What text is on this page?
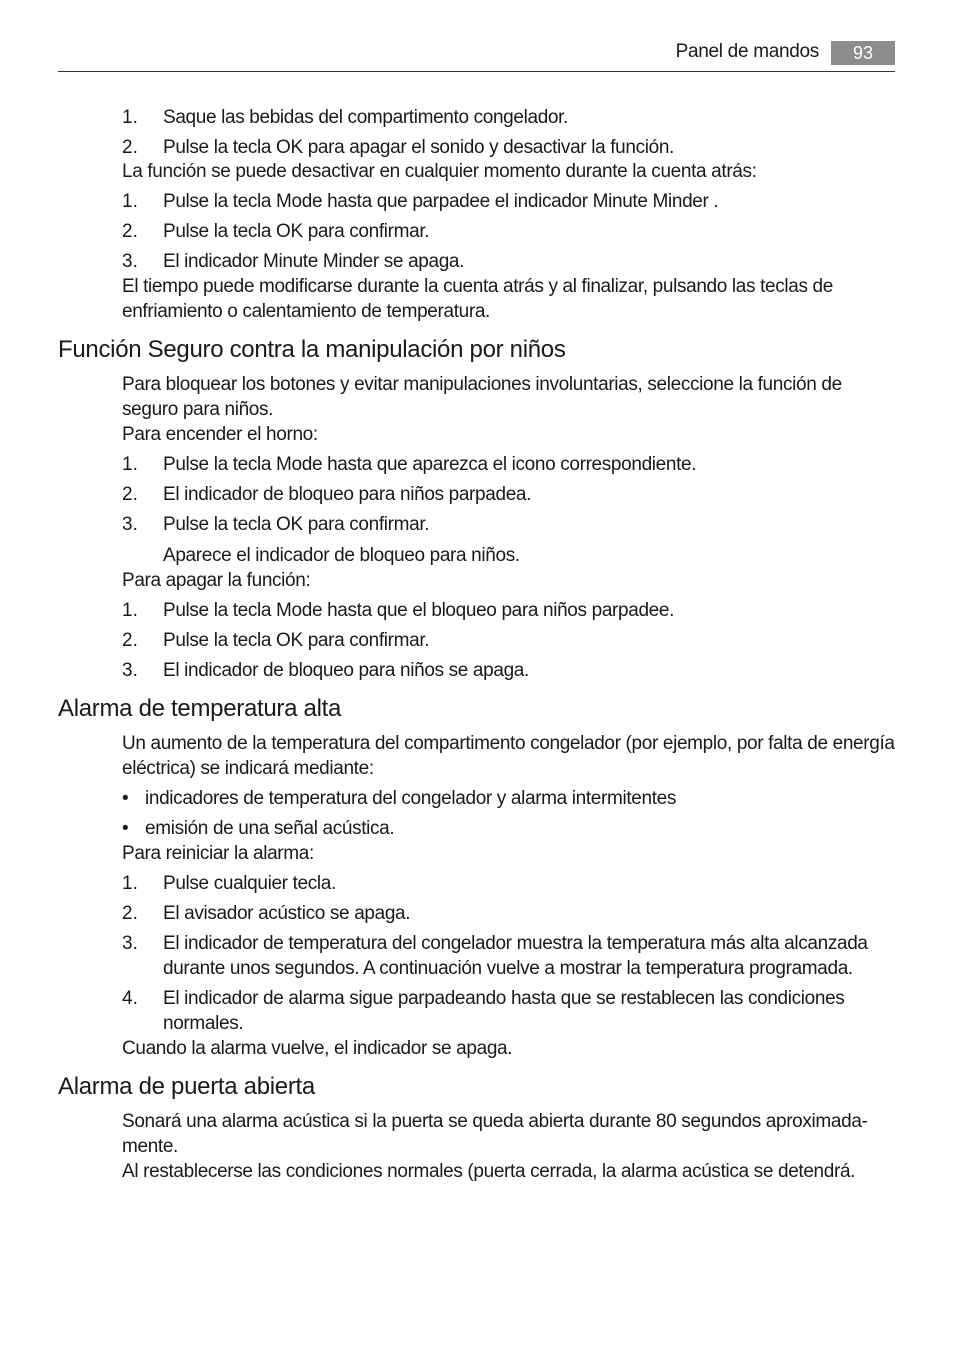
Panel de mandos	93
1. Saque las bebidas del compartimento congelador.
2. Pulse la tecla OK para apagar el sonido y desactivar la función.
La función se puede desactivar en cualquier momento durante la cuenta atrás:
1. Pulse la tecla Mode hasta que parpadee el indicador Minute Minder .
2. Pulse la tecla OK para confirmar.
3. El indicador Minute Minder se apaga.
El tiempo puede modificarse durante la cuenta atrás y al finalizar, pulsando las teclas de enfriamiento o calentamiento de temperatura.
Función Seguro contra la manipulación por niños
Para bloquear los botones y evitar manipulaciones involuntarias, seleccione la función de seguro para niños.
Para encender el horno:
1. Pulse la tecla Mode hasta que aparezca el icono correspondiente.
2. El indicador de bloqueo para niños parpadea.
3. Pulse la tecla OK para confirmar.
Aparece el indicador de bloqueo para niños.
Para apagar la función:
1. Pulse la tecla Mode hasta que el bloqueo para niños parpadee.
2. Pulse la tecla OK para confirmar.
3. El indicador de bloqueo para niños se apaga.
Alarma de temperatura alta
Un aumento de la temperatura del compartimento congelador (por ejemplo, por falta de energía eléctrica) se indicará mediante:
• indicadores de temperatura del congelador y alarma intermitentes
• emisión de una señal acústica.
Para reiniciar la alarma:
1. Pulse cualquier tecla.
2. El avisador acústico se apaga.
3. El indicador de temperatura del congelador muestra la temperatura más alta alcanzada durante unos segundos. A continuación vuelve a mostrar la temperatura programada.
4. El indicador de alarma sigue parpadeando hasta que se restablecen las condiciones normales.
Cuando la alarma vuelve, el indicador se apaga.
Alarma de puerta abierta
Sonará una alarma acústica si la puerta se queda abierta durante 80 segundos aproximada-mente.
Al restablecerse las condiciones normales (puerta cerrada, la alarma acústica se detendrá.
